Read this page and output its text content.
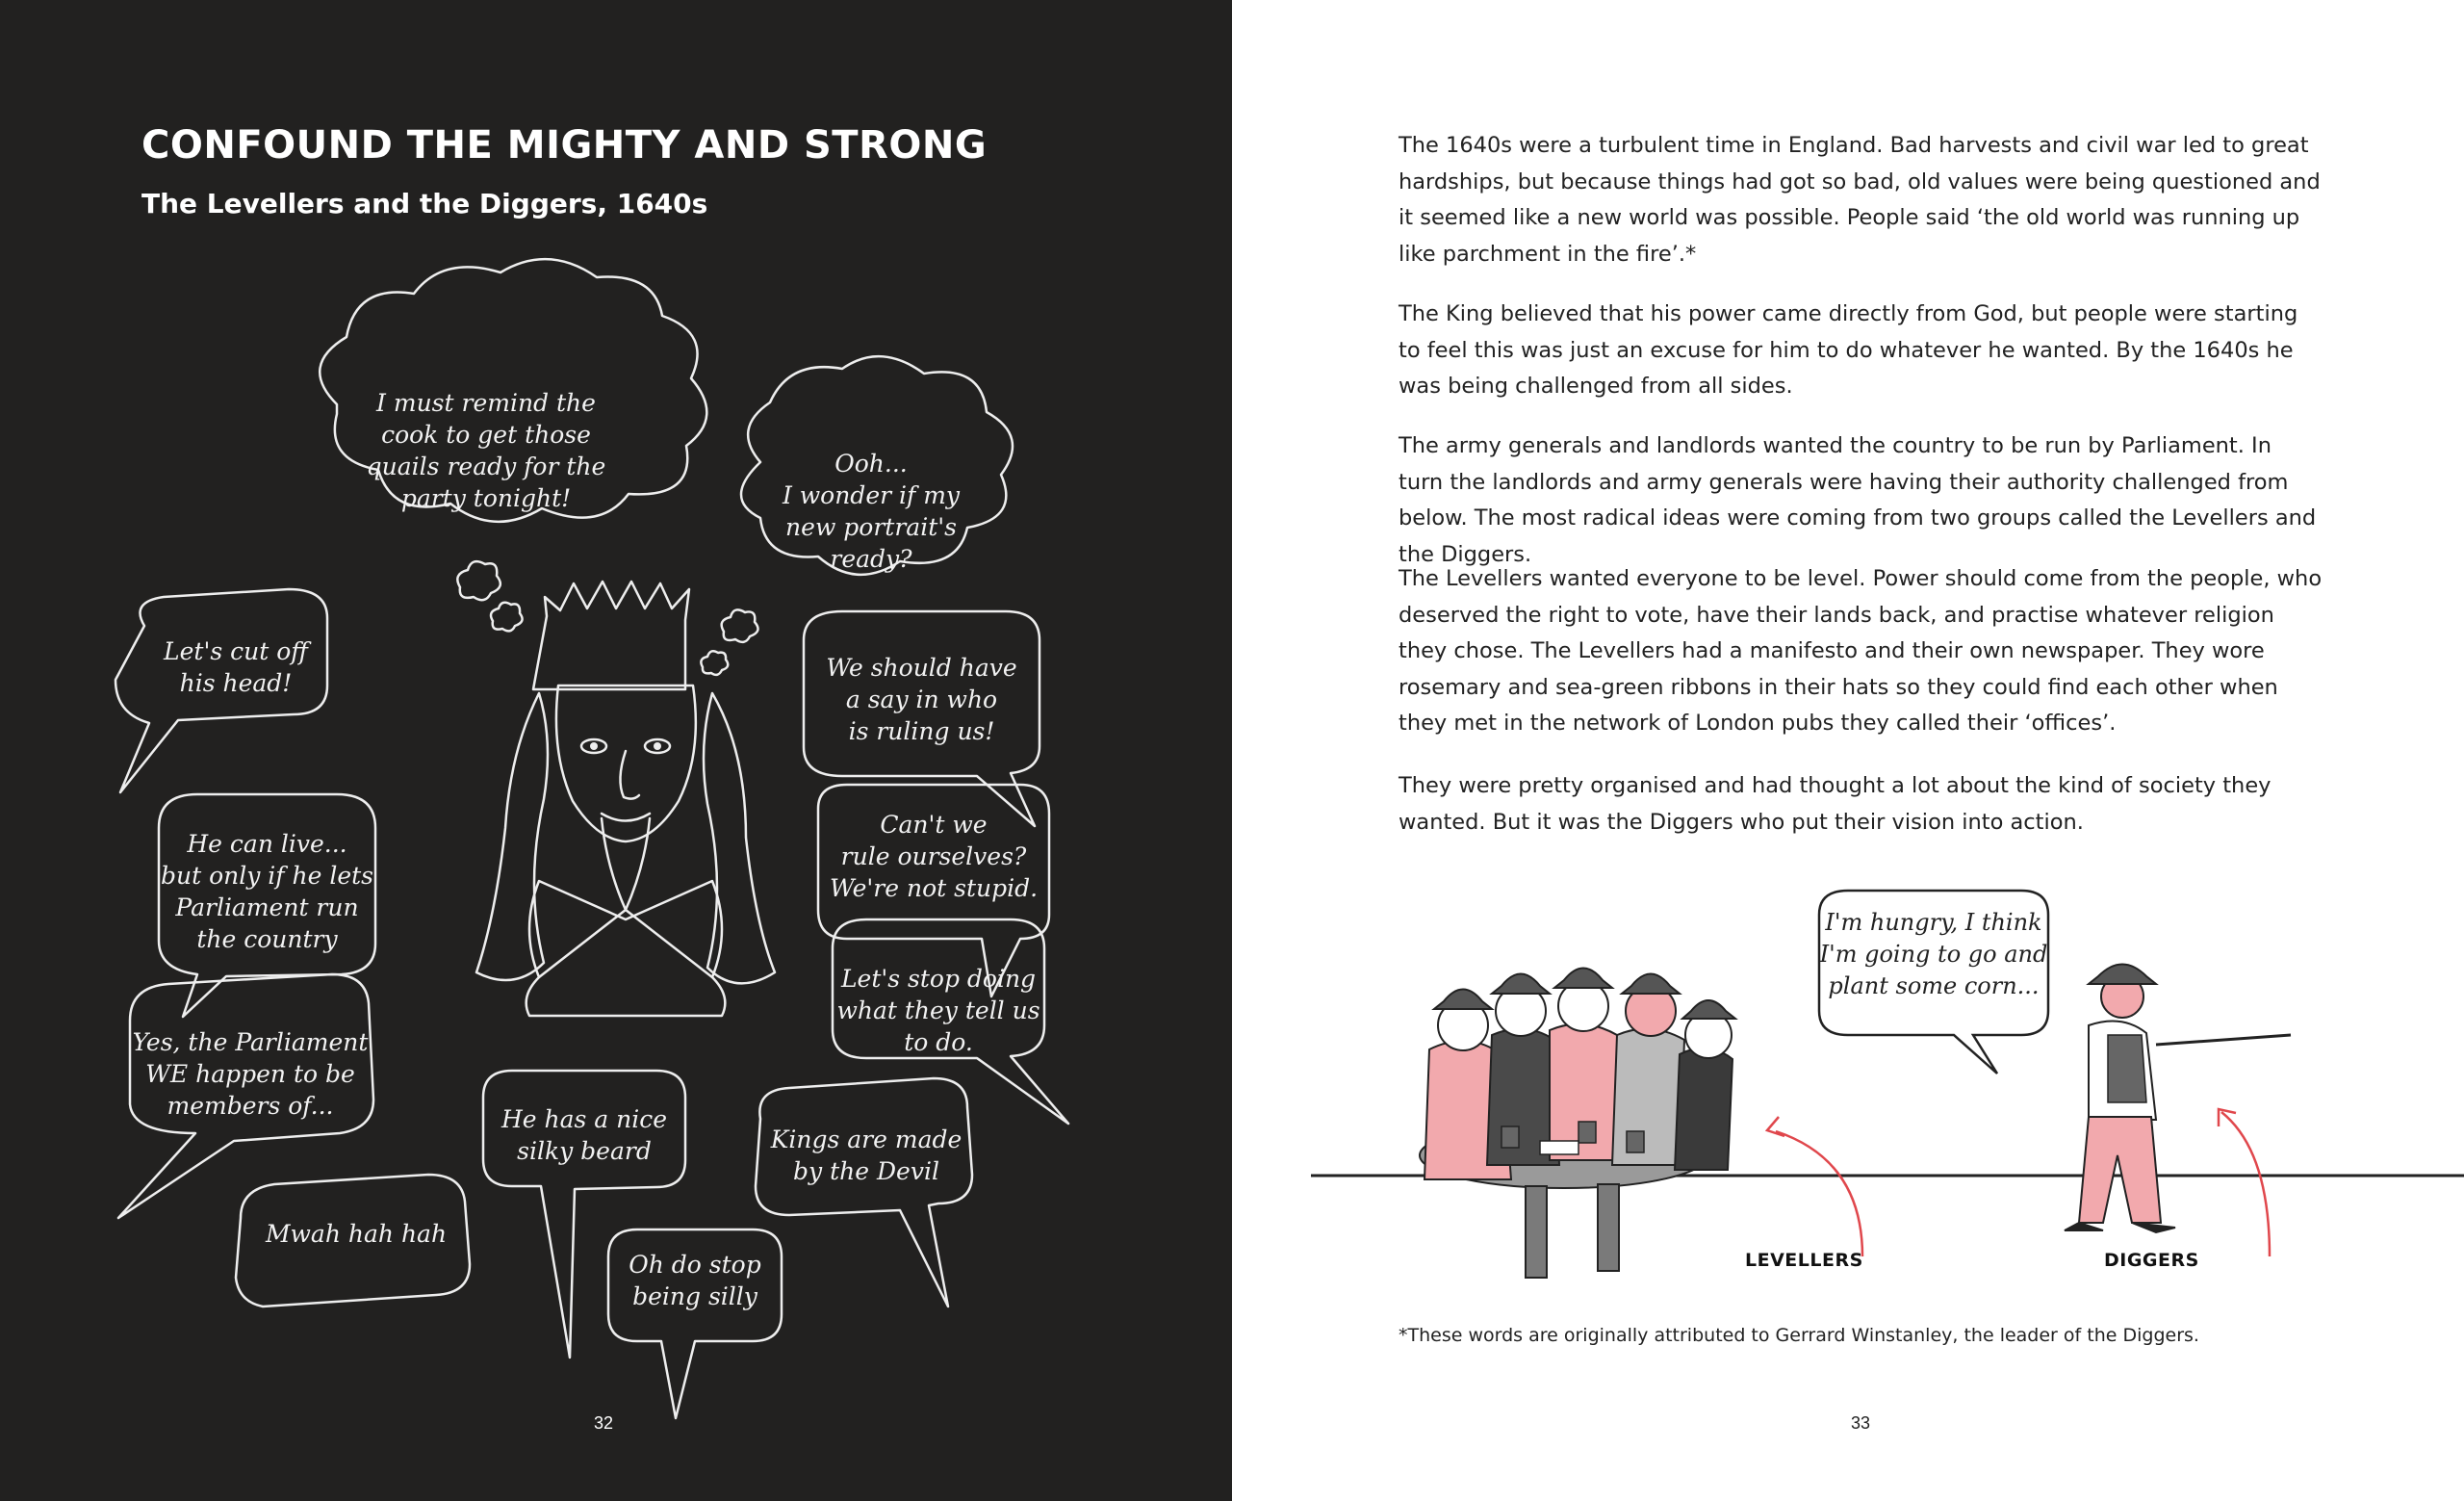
CONFOUND THE MIGHTY AND STRONG
The Levellers and the Diggers, 1640s
I must remind the
cook to get those
quails ready for the
party tonight!
Ooh...
I wonder if my
new portrait's
ready?
Let's cut off
his head!
We should have
a say in who
is ruling us!
He can live...
but only if he lets
Parliament run
the country
Can't we
rule ourselves?
We're not stupid.
Let's stop doing
what they tell us
to do.
Yes, the Parliament
WE happen to be
members of...	He has a nice
silky beard	Kings are made
by the Devil
Mwah hah hah
Oh do stop
being silly
32

The 1640s were a turbulent time in England. Bad harvests and civil war led to great hardships, but because things had got so bad, old values were being questioned and it seemed like a new world was possible. People said ‘the old world was running up like parchment in the fire’.*

The King believed that his power came directly from God, but people were starting to feel this was just an excuse for him to do whatever he wanted. By the 1640s he was being challenged from all sides.

The army generals and landlords wanted the country to be run by Parliament. In turn the landlords and army generals were having their authority challenged from below. The most radical ideas were coming from two groups called the Levellers and the Diggers.

The Levellers wanted everyone to be level. Power should come from the people, who deserved the right to vote, have their lands back, and practise whatever religion they chose. The Levellers had a manifesto and their own newspaper. They wore rosemary and sea-green ribbons in their hats so they could find each other when they met in the network of London pubs they called their ‘offices’.

They were pretty organised and had thought a lot about the kind of society they wanted. But it was the Diggers who put their vision into action.

I'm hungry, I think
I'm going to go and
plant some corn...
LEVELLERS	DIGGERS

*These words are originally attributed to Gerrard Winstanley, the leader of the Diggers.

33
